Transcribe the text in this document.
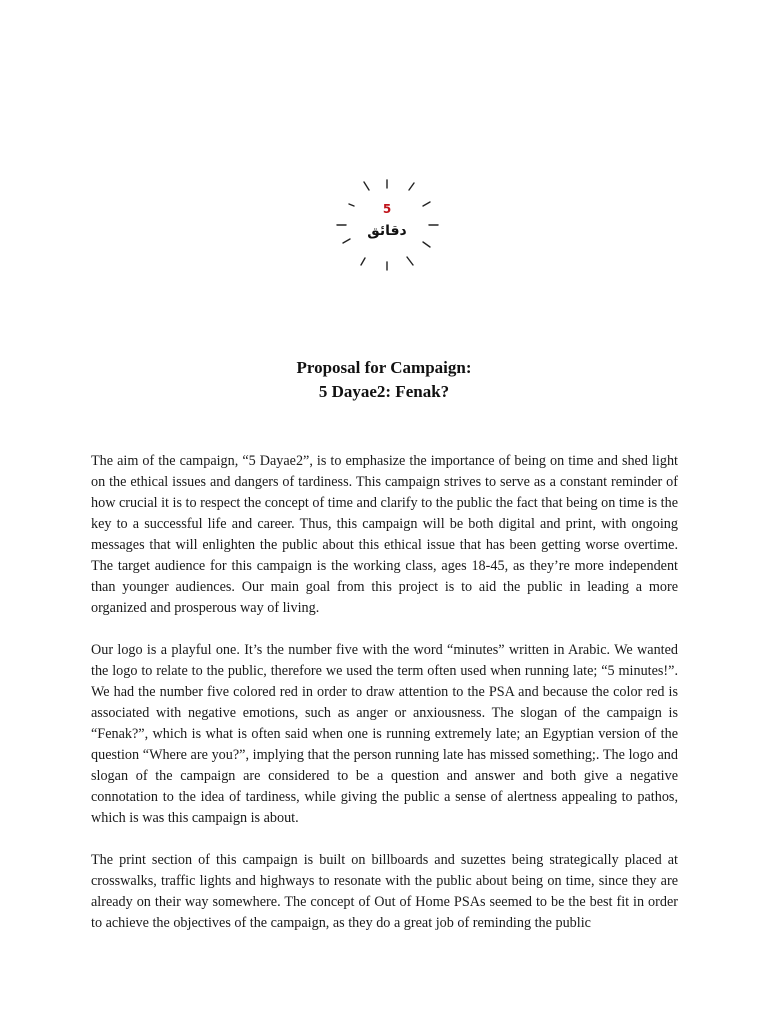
5
دقائق
Proposal for Campaign:
5 Dayae2: Fenak?

The aim of the campaign, “5 Dayae2”, is to emphasize the importance of being on time and shed light on the ethical issues and dangers of tardiness. This campaign strives to serve as a constant reminder of how crucial it is to respect the concept of time and clarify to the public the fact that being on time is the key to a successful life and career. Thus, this campaign will be both digital and print, with ongoing messages that will enlighten the public about this ethical issue that has been getting worse overtime. The target audience for this campaign is the working class, ages 18-45, as they’re more independent than younger audiences. Our main goal from this project is to aid the public in leading a more organized and prosperous way of living.

Our logo is a playful one. It’s the number five with the word “minutes” written in Arabic. We wanted the logo to relate to the public, therefore we used the term often used when running late; “5 minutes!”. We had the number five colored red in order to draw attention to the PSA and because the color red is associated with negative emotions, such as anger or anxiousness. The slogan of the campaign is “Fenak?”, which is what is often said when one is running extremely late; an Egyptian version of the question “Where are you?”, implying that the person running late has missed something;. The logo and slogan of the campaign are considered to be a question and answer and both give a negative connotation to the idea of tardiness, while giving the public a sense of alertness appealing to pathos, which is was this campaign is about.

The print section of this campaign is built on billboards and suzettes being strategically placed at crosswalks, traffic lights and highways to resonate with the public about being on time, since they are already on their way somewhere. The concept of Out of Home PSAs seemed to be the best fit in order to achieve the objectives of the campaign, as they do a great job of reminding the public
